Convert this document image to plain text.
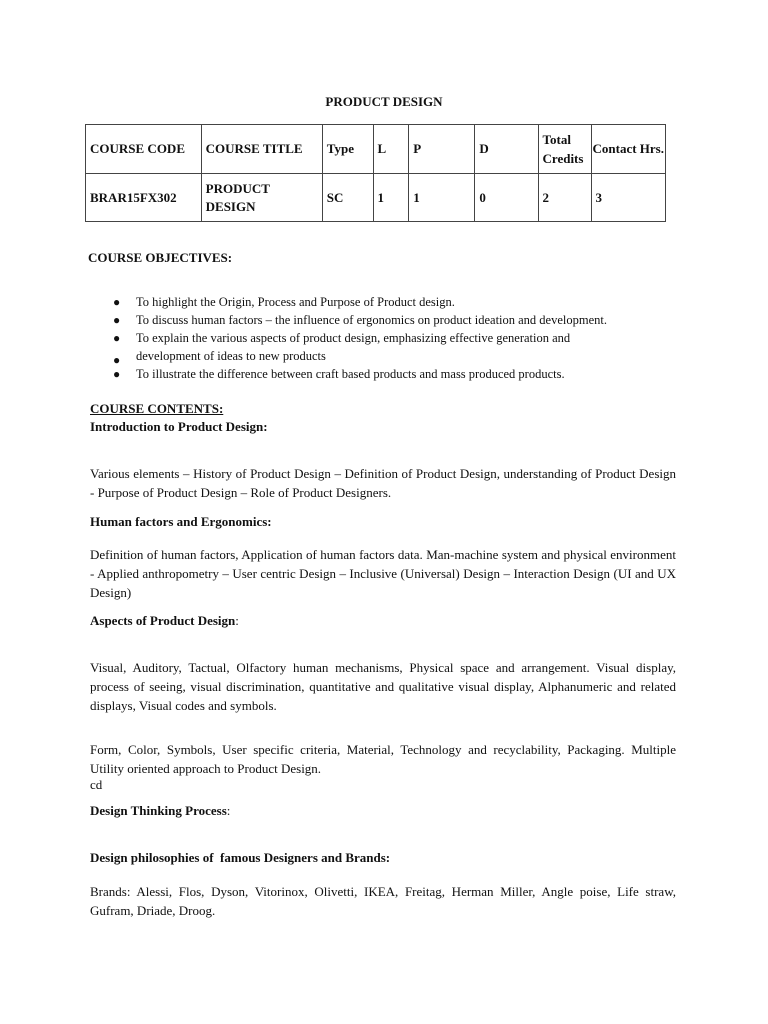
PRODUCT DESIGN
COURSE CODE	COURSE TITLE	Type	L	P	D	Total Credits	Contact Hrs.
BRAR15FX302	PRODUCT DESIGN	SC	1	1	0	2	3
COURSE OBJECTIVES:
● To highlight the Origin, Process and Purpose of Product design.
● To discuss human factors – the influence of ergonomics on product ideation and development.
● To explain the various aspects of product design, emphasizing effective generation and
● development of ideas to new products
● To illustrate the difference between craft based products and mass produced products.
COURSE CONTENTS:
Introduction to Product Design:
Various elements – History of Product Design – Definition of Product Design, understanding of Product Design - Purpose of Product Design – Role of Product Designers.
Human factors and Ergonomics:
Definition of human factors, Application of human factors data. Man-machine system and physical environment - Applied anthropometry – User centric Design – Inclusive (Universal) Design – Interaction Design (UI and UX Design)
Aspects of Product Design:
Visual, Auditory, Tactual, Olfactory human mechanisms, Physical space and arrangement. Visual display, process of seeing, visual discrimination, quantitative and qualitative visual display, Alphanumeric and related displays, Visual codes and symbols.
Form, Color, Symbols, User specific criteria, Material, Technology and recyclability, Packaging. Multiple Utility oriented approach to Product Design.
cd
Design Thinking Process:
Design philosophies of  famous Designers and Brands:
Brands: Alessi, Flos, Dyson, Vitorinox, Olivetti, IKEA, Freitag, Herman Miller, Angle poise, Life straw, Gufram, Driade, Droog.
